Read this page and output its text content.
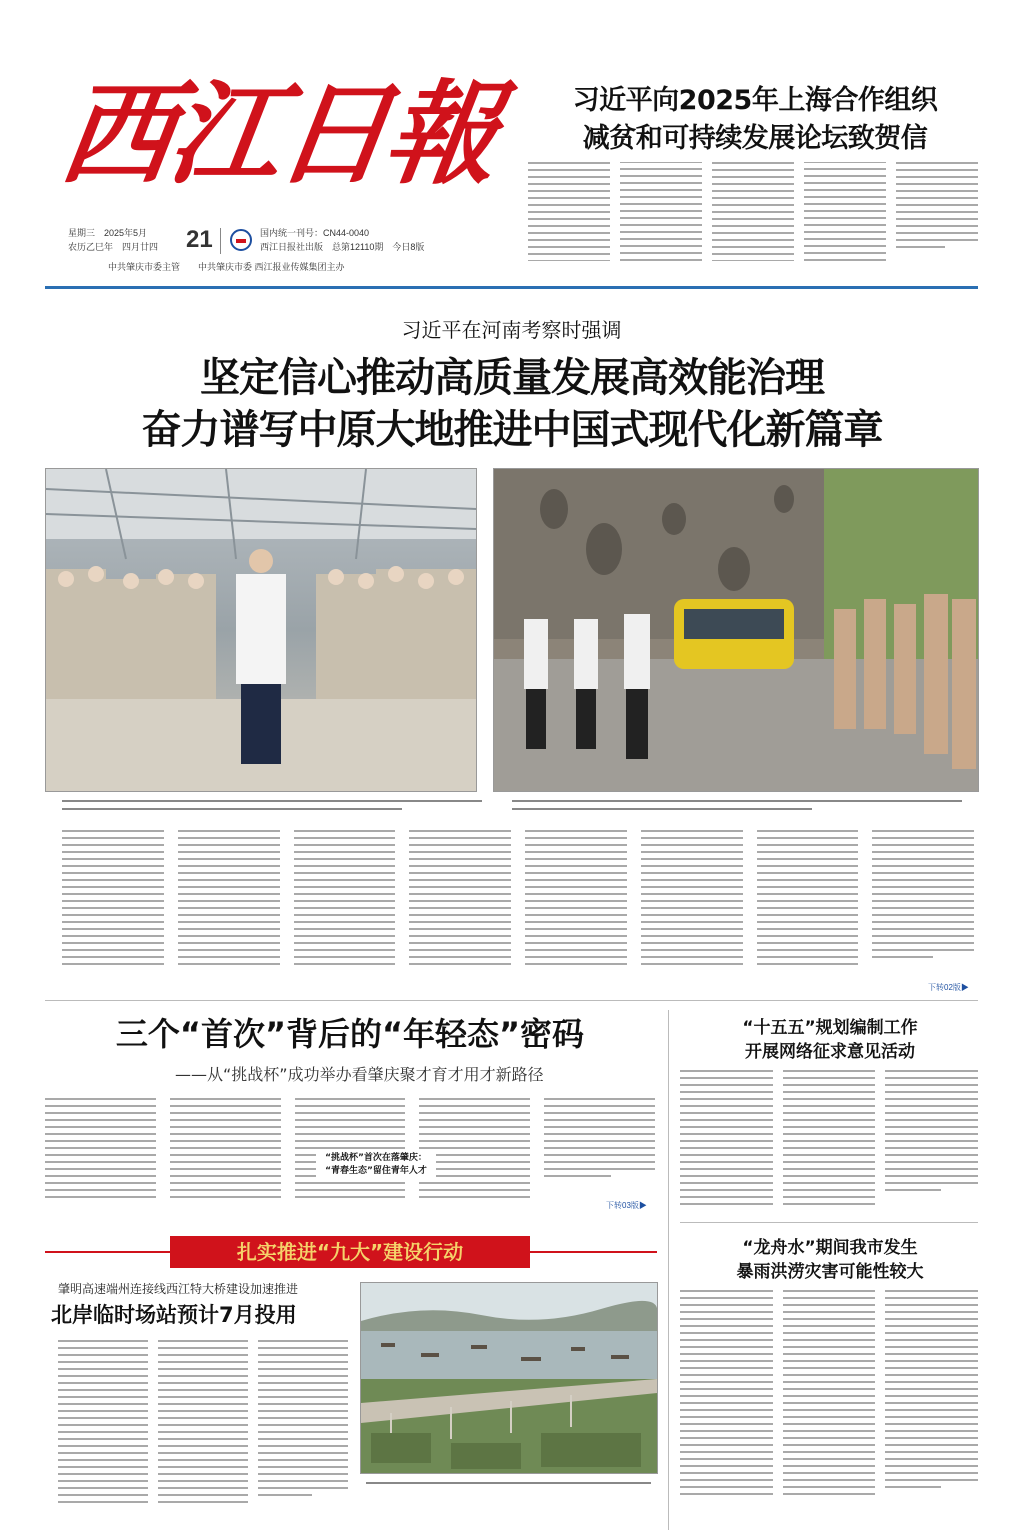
西江日報
星期三　2025年5月
农历乙巳年　四月廿四	21	国内统一刊号：CN44-0040
西江日报社出版　总第12110期　今日8版
中共肇庆市委主管　　中共肇庆市委 西江报业传媒集团主办
习近平向2025年上海合作组织
减贫和可持续发展论坛致贺信
习近平在河南考察时强调
坚定信心推动高质量发展高效能治理
奋力谱写中原大地推进中国式现代化新篇章
下转02版▶
三个“首次”背后的“年轻态”密码
——从“挑战杯”成功举办看肇庆聚才育才用才新路径
“挑战杯”首次在落肇庆：
“青春生态”留住青年人才
下转03版▶
“十五五”规划编制工作
开展网络征求意见活动
“龙舟水”期间我市发生
暴雨洪涝灾害可能性较大
扎实推进“九大”建设行动
肇明高速端州连接线西江特大桥建设加速推进
北岸临时场站预计7月投用
